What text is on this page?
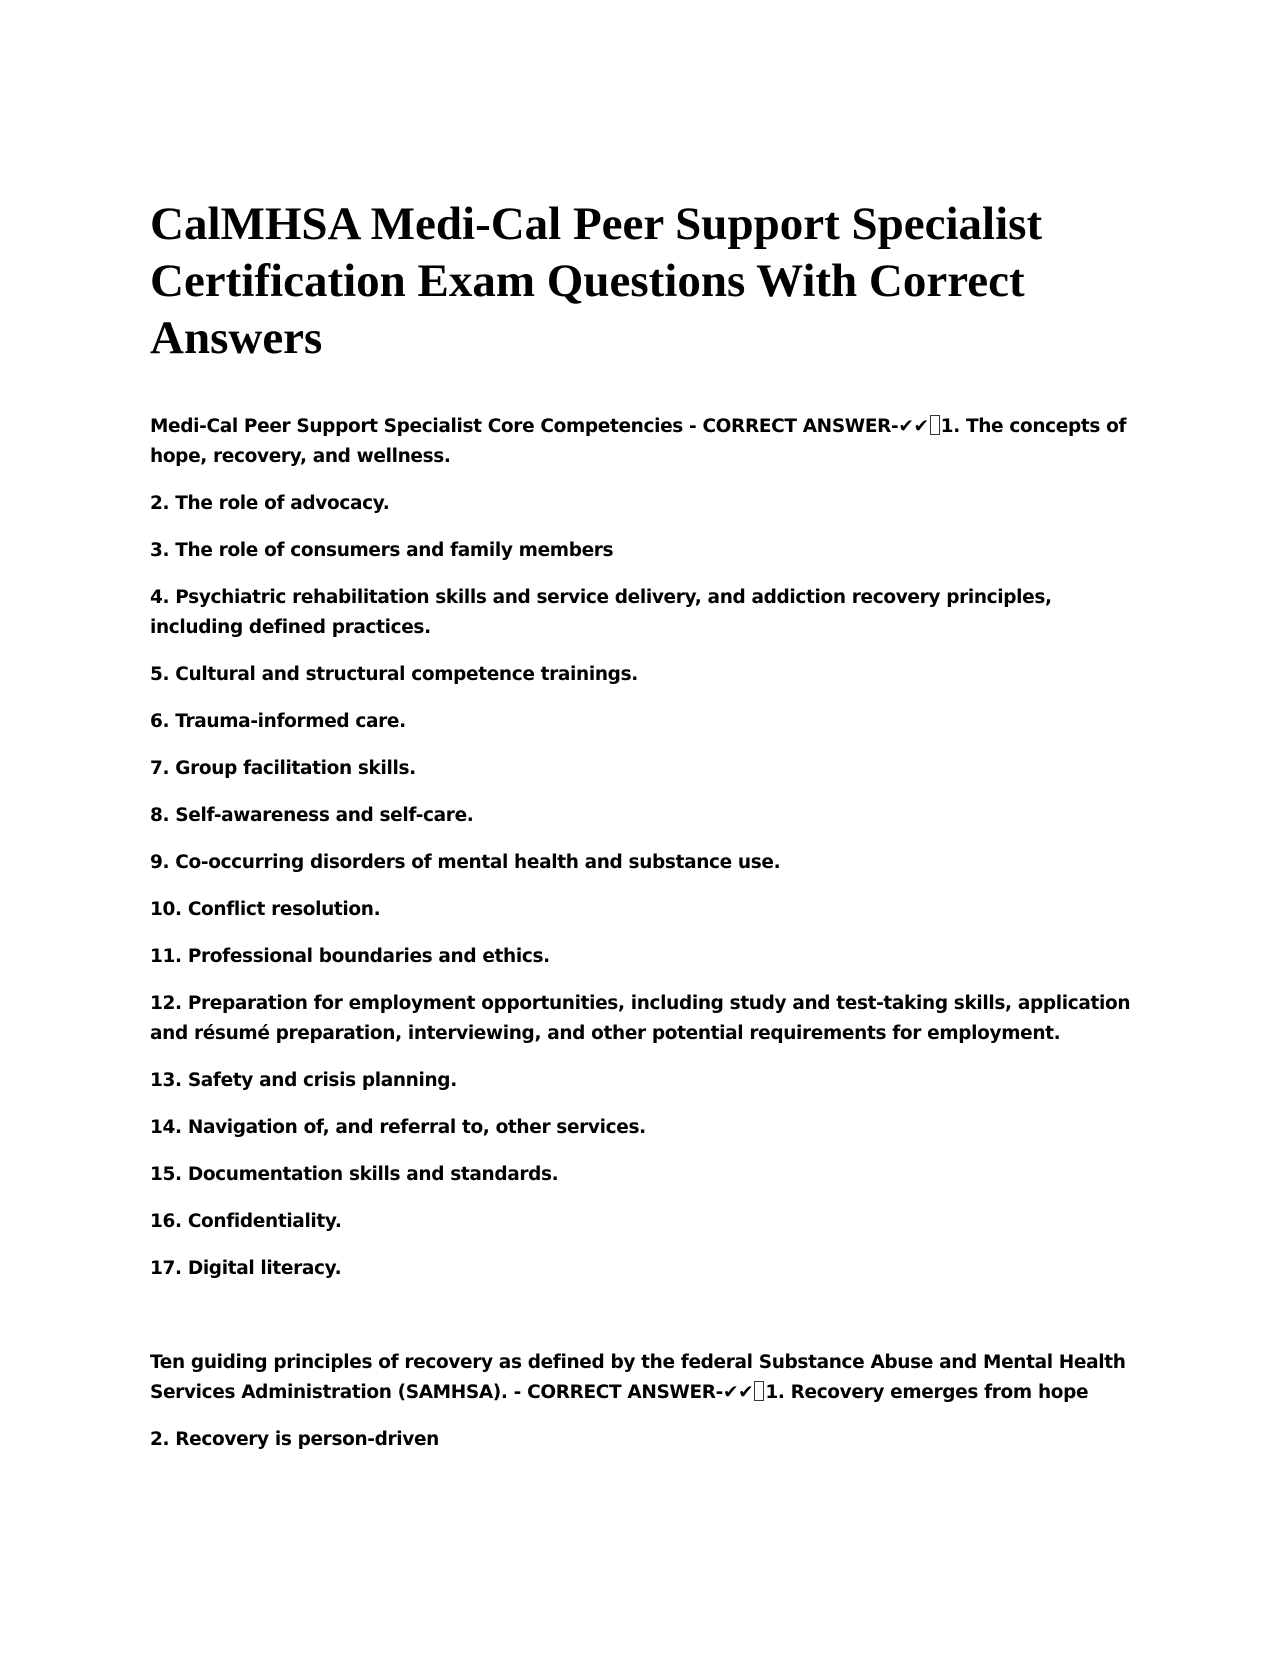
CalMHSA Medi-Cal Peer Support Specialist Certification Exam Questions With Correct Answers

Medi-Cal Peer Support Specialist Core Competencies - CORRECT ANSWER-✔✔ 1. The concepts of hope, recovery, and wellness.

2. The role of advocacy.

3. The role of consumers and family members

4. Psychiatric rehabilitation skills and service delivery, and addiction recovery principles, including defined practices.

5. Cultural and structural competence trainings.

6. Trauma-informed care.

7. Group facilitation skills.

8. Self-awareness and self-care.

9. Co-occurring disorders of mental health and substance use.

10. Conflict resolution.

11. Professional boundaries and ethics.

12. Preparation for employment opportunities, including study and test-taking skills, application and résumé preparation, interviewing, and other potential requirements for employment.

13. Safety and crisis planning.

14. Navigation of, and referral to, other services.

15. Documentation skills and standards.

16. Confidentiality.

17. Digital literacy.

Ten guiding principles of recovery as defined by the federal Substance Abuse and Mental Health Services Administration (SAMHSA). - CORRECT ANSWER-✔✔ 1. Recovery emerges from hope

2. Recovery is person-driven
